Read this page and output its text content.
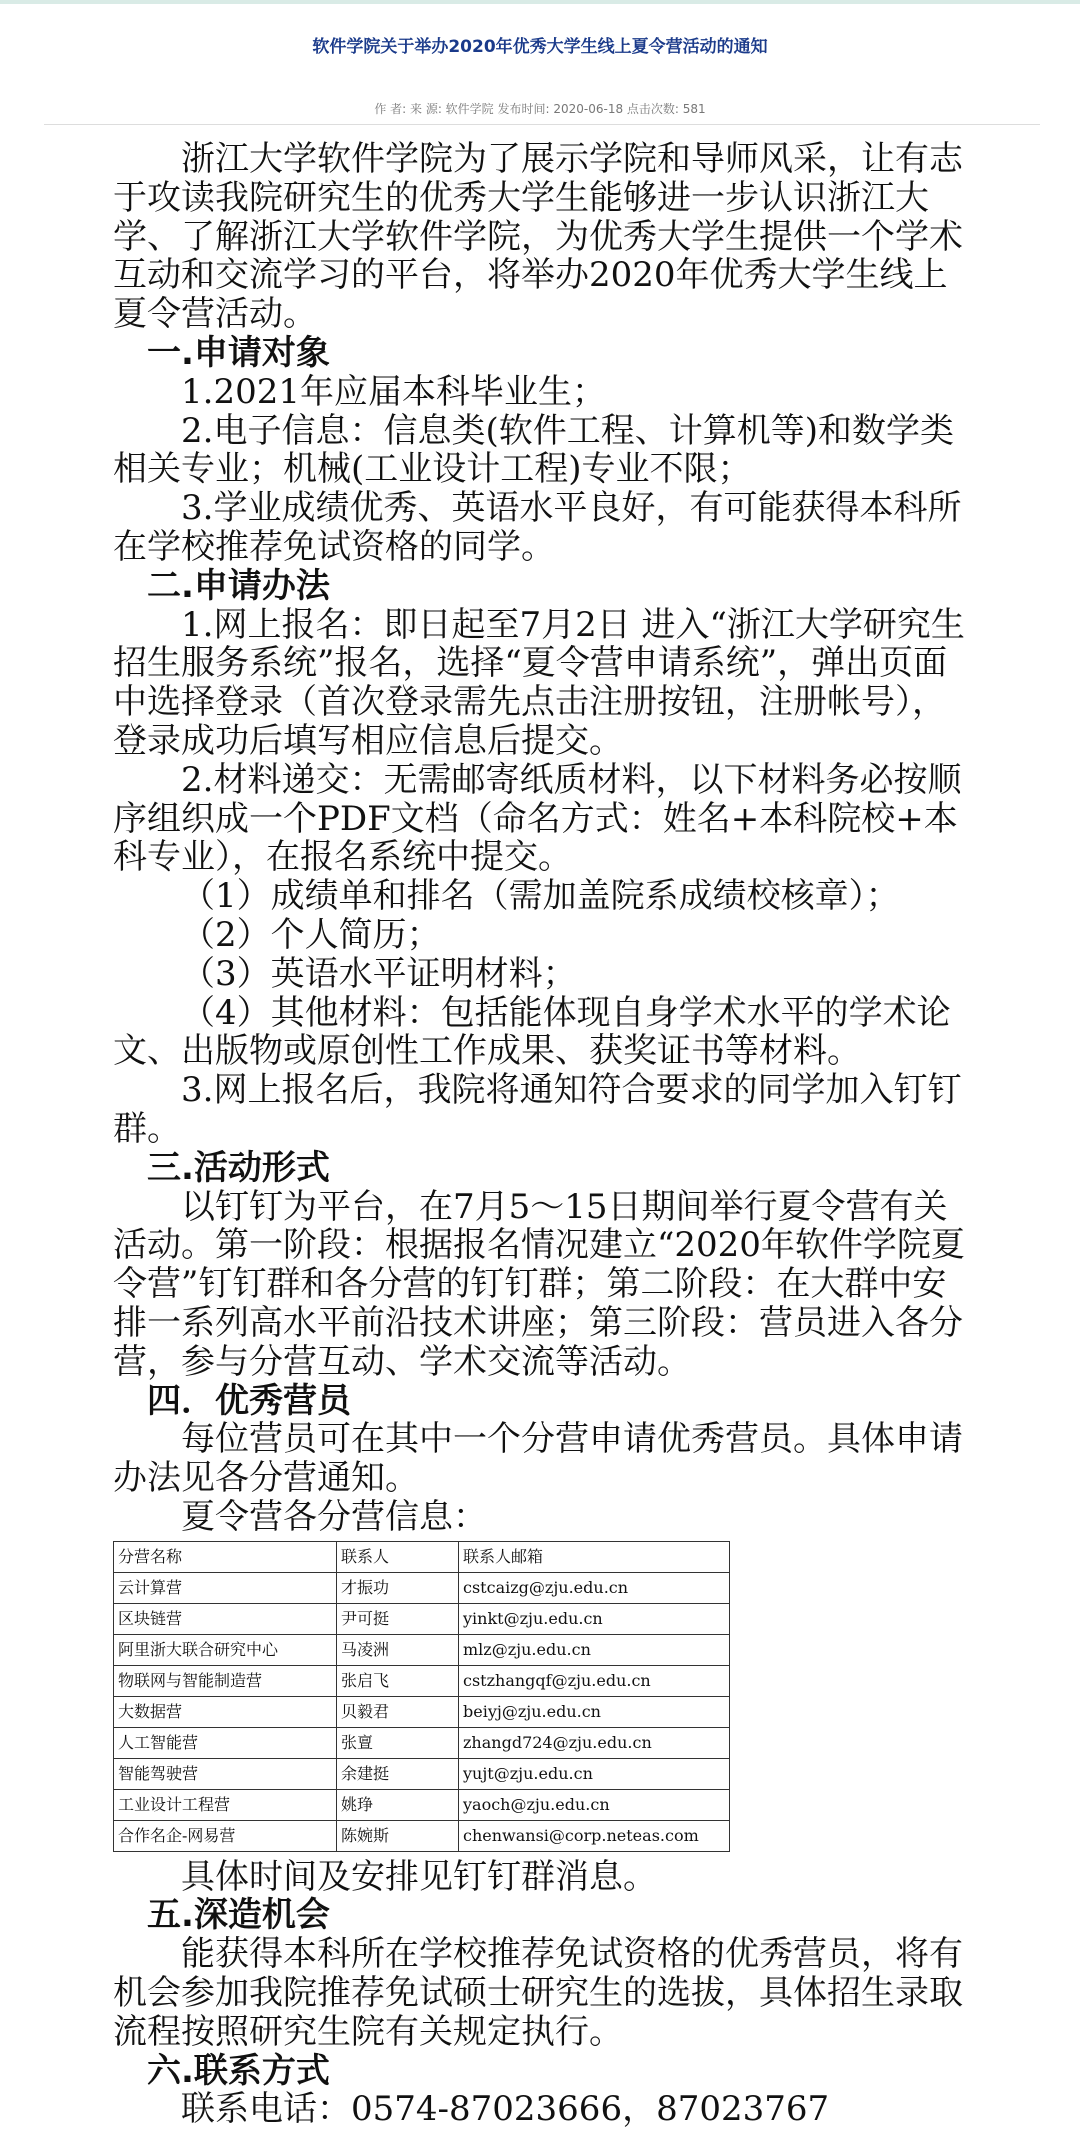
软件学院关于举办2020年优秀大学生线上夏令营活动的通知
作 者: 来 源: 软件学院 发布时间: 2020-06-18 点击次数: 581

浙江大学软件学院为了展示学院和导师风采，让有志于攻读我院研究生的优秀大学生能够进一步认识浙江大学、了解浙江大学软件学院，为优秀大学生提供一个学术互动和交流学习的平台，将举办2020年优秀大学生线上夏令营活动。

一.申请对象

1.2021年应届本科毕业生；

2.电子信息：信息类(软件工程、计算机等)和数学类相关专业；机械(工业设计工程)专业不限；

3.学业成绩优秀、英语水平良好，有可能获得本科所在学校推荐免试资格的同学。

二.申请办法

1.网上报名：即日起至7月2日 进入“浙江大学研究生招生服务系统”报名，选择“夏令营申请系统”，弹出页面中选择登录（首次登录需先点击注册按钮，注册帐号），登录成功后填写相应信息后提交。

2.材料递交：无需邮寄纸质材料，以下材料务必按顺序组织成一个PDF文档（命名方式：姓名+本科院校+本科专业），在报名系统中提交。

（1）成绩单和排名（需加盖院系成绩校核章）；

（2）个人简历；

（3）英语水平证明材料；

（4）其他材料：包括能体现自身学术水平的学术论文、出版物或原创性工作成果、获奖证书等材料。

3.网上报名后，我院将通知符合要求的同学加入钉钉群。

三.活动形式

以钉钉为平台，在7月5～15日期间举行夏令营有关活动。第一阶段：根据报名情况建立“2020年软件学院夏令营”钉钉群和各分营的钉钉群；第二阶段：在大群中安排一系列高水平前沿技术讲座；第三阶段：营员进入各分营，参与分营互动、学术交流等活动。

四．优秀营员

每位营员可在其中一个分营申请优秀营员。具体申请办法见各分营通知。

夏令营各分营信息：

分营名称	联系人	联系人邮箱
云计算营	才振功	cstcaizg@zju.edu.cn
区块链营	尹可挺	yinkt@zju.edu.cn
阿里浙大联合研究中心	马凌洲	mlz@zju.edu.cn
物联网与智能制造营	张启飞	cstzhangqf@zju.edu.cn
大数据营	贝毅君	beiyj@zju.edu.cn
人工智能营	张亶	zhangd724@zju.edu.cn
智能驾驶营	余建挺	yujt@zju.edu.cn
工业设计工程营	姚琤	yaoch@zju.edu.cn
合作名企-网易营	陈婉斯	chenwansi@corp.neteas.com

具体时间及安排见钉钉群消息。

五.深造机会

能获得本科所在学校推荐免试资格的优秀营员，将有机会参加我院推荐免试硕士研究生的选拔，具体招生录取流程按照研究生院有关规定执行。

六.联系方式

联系电话：0574-87023666，87023767
